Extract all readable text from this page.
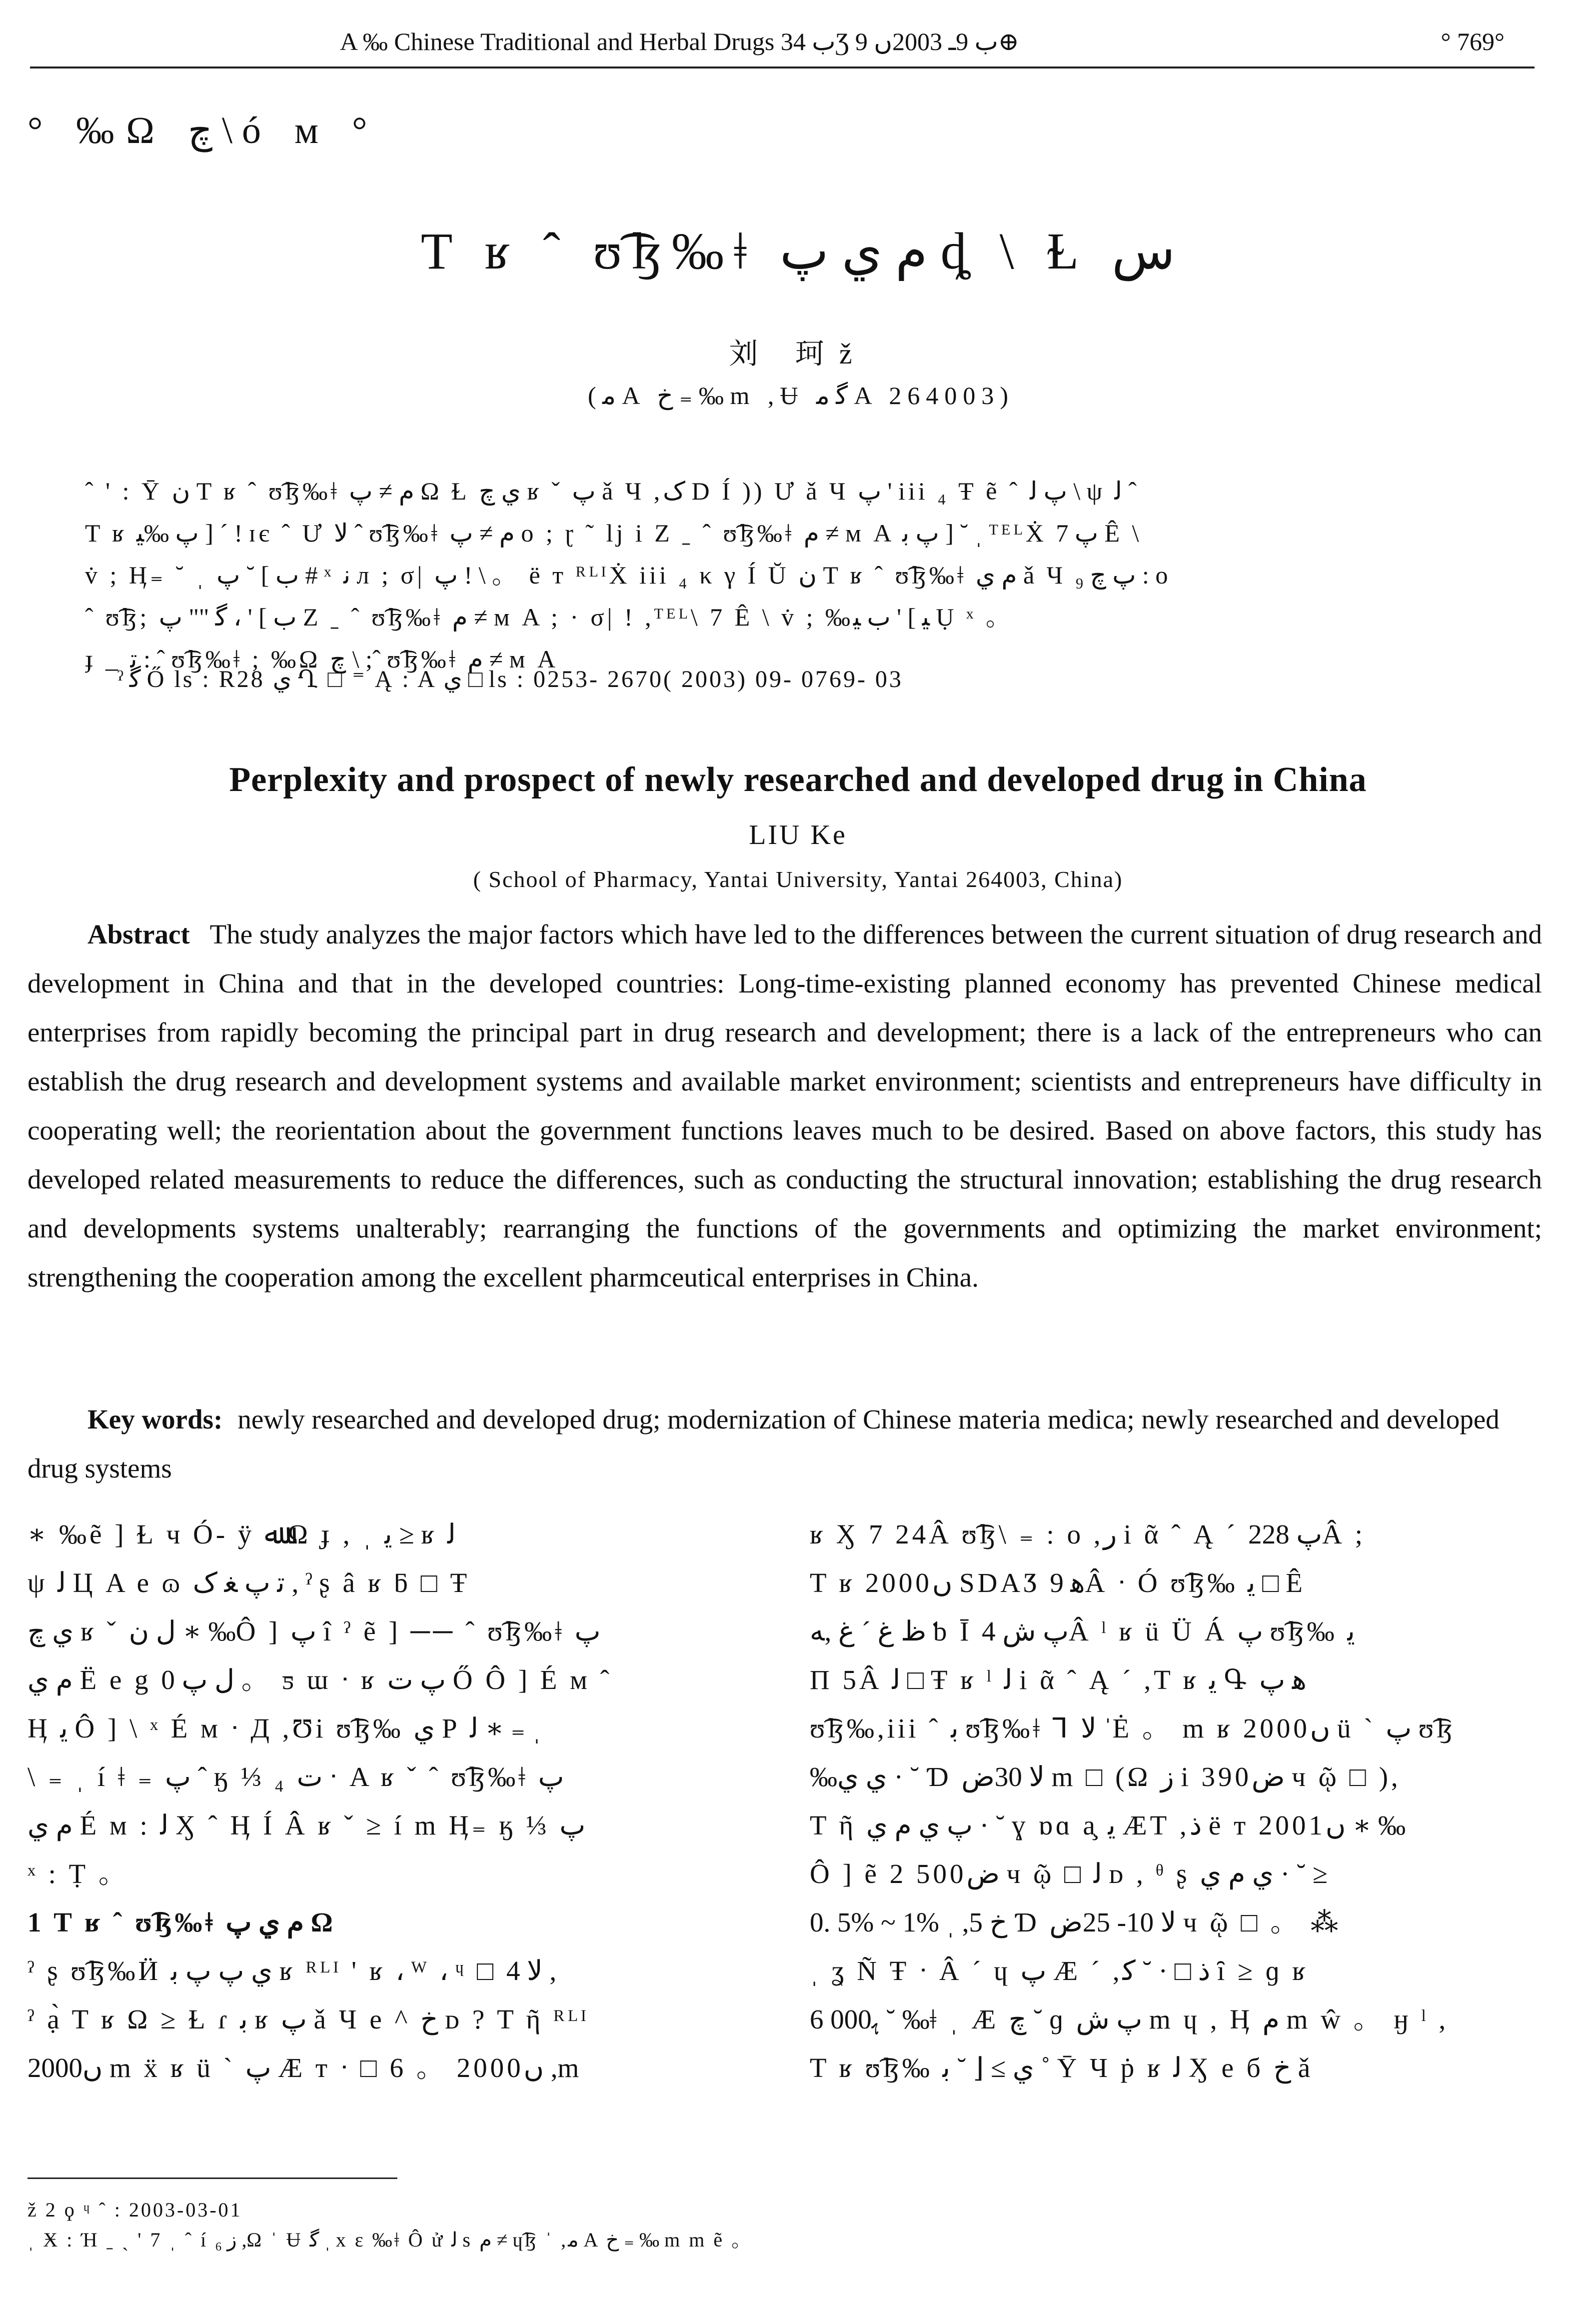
A ‰ Chinese Traditional and Herbal Drugs ب 34Ʒ ب 9ـ 2003ں 9⊕	° 769°
° ‰Ω چ \ ó м °
T ʁ ˆ ʊ͡ɮ‰ǂ ﻡ ﻱ ﭖ ȡ \ Ɫ ﺱ
刘 珂ž
( ﻣ A ﺥ ₌ ‰ m ,Ʉ ﮔ ﻣ A 264003)
ˆ ' : Ȳ ﻥ T ʁ ˆ ʊ͡ɮ‰ǂ ﻡ ≠ ﭖ Ω Ɫ ﻱ چ ʁ ˇ ﭖ ǎ Ч ,ﮎ D Í )) Ư ǎ Ч ﭖ ' iii ₄ Ŧ ẽ ˆ ﭖ ﻟ \ ψ ﻟ ˆ
T ʁ ﭖ ‰ﻴ ] ´ ! ɪє ˆ Ư ﻻ ˆ ʊ͡ɮ‰ǂ ﻡ ≠ ﭖ ο ; ɽ ˜ lj i Ζ ˍ ˆ ʊ͡ɮ‰ǂ ﻡ ≠ м A ﭖ ﺑ ] ˘ ˌ ᵀᴱᴸẊ ﭖ 7 Ê \
v̇ ; Ӊ₌ ˘ ˌ ﺏ ] ˘ ﭖ # ˣ ﻧ л ; σ| ﭖ ! \ 。 ë т ᴿᴸᴵẊ iii ₄ κ γ Í Ŭ ﻥ T ʁ ˆ ʊ͡ɮ‰ǂ ﻡ ﻱ ǎ Ч ﭖ چ ₉ : ο
ˆ ʊ͡ɮ; ﺏ ] ' ، ﮔ "" ﭖ Ζ ˍ ˆ ʊ͡ɮ‰ǂ ﻡ ≠ м A ; · σ| ! ,ᵀᴱᴸ\ 7 Ê \ v̇ ; ‰ﻴ ] ' ﺏ ﻴ Ụ ˣ 。
ɟ _ ﺗ : ˆ ʊ͡ɮ‰ǂ ; ‰Ω چ \ ;ˆ ʊ͡ɮ‰ǂ ﻡ ≠ м A
ˀ ﮔ Ő ls : R28 ﻱ Ղ □ ⁼ Ą : A ﻱ □ ls : 0253- 2670( 2003) 09- 0769- 03
Perplexity and prospect of newly researched and developed drug in China
LIU Ke
( School of Pharmacy, Yantai University, Yantai 264003, China)
Abstract The study analyzes the major factors which have led to the differences between the current situation of drug research and development in China and that in the developed countries: Long-time-existing planned economy has prevented Chinese medical enterprises from rapidly becoming the principal part in drug research and development; there is a lack of the entrepreneurs who can establish the drug research and development systems and available market environment; scientists and entrepreneurs have difficulty in cooperating well; the reorientation about the government functions leaves much to be desired. Based on above factors, this study has developed related measurements to reduce the differences, such as conducting the structural innovation; establishing the drug research and developments systems unalterably; rearranging the functions of the governments and optimizing the market environment; strengthening the cooperation among the excellent pharmceutical enterprises in China.
Key words: newly researched and developed drug; modernization of Chinese materia medica; newly researched and developed drug systems
∗ ‰ẽ ] Ɫ ч Ó- ÿ ﷲ Ω ɟ , ˌ ﻳ ≥ ʁ ﻟ
ψ ﻟ Ц A е ɷ ﺗ ﭖ ﻐ ﮎ , ˀ ʂ â ʁ ƃ □ Ŧ
ﻱ چ ʁ ˇ ﻝ ﻥ ∗ ‰Ô ] ﭖ î ˀ ẽ ] ── ˆ ʊ͡ɮ‰ǂ ﭖ
ﻡ ﻱ Ë е g ﻝ ﭖ 0 。 ƽ ɯ ᐧ ʁ ﭖ ﺕ Ő Ô ] É м ˆ
Ӊ ﻳ Ô ] \ ˣ É м ᐧ Д ,Ʊi ʊ͡ɮ‰ ﻱ Р ﻟ ∗ ₌ ˌ
\ ₌ ˌ í ǂ ₌ ﭖ ˆ ӄ ⅓ ₄ ﺕ ᐧ A ʁ ˇ ˆ ʊ͡ɮ‰ǂ ﭖ
ﻡ ﻱ É м : ﻟ Ӽ ˆ Ӊ Í Â ʁ ˇ ≥ í m Ӊ₌ ӄ ⅓ ﭖ
ˣ : Ṭ 。
1 T ʁ ˆ ʊ͡ɮ‰ǂ ﻡ ﻱ ﭖ Ω
ˀ ʂ ʊ͡ɮ‰Ӥ ﻱ ﭖ ﭖ ﺑ ʁ ᴿᴸᴵ ' ʁ ، ᵂ ، ᶣ □ ﻻ 4 ,
ˀ ạ̀ T ʁ Ω ≥ Ɫ ɾ ﺑ ʁ ﭖ ǎ Ч е ^ ﺥ ᴅ ? T ῆ ᴿᴸᴵ
2000ں m ẍ ʁ ü ` ﭖ Æ т ᐧ □ 6 。 2000ں ,m
ʁ Ӽ 7 24Â ʊ͡ɮ\ ₌ : ο ,ﺭ i ᾶ ˆ Ą ˊ ﭖ 228Â ;
T ʁ 2000ں SDAӠ ﻫ 9Â ᐧ Ó ʊ͡ɮ‰ ﻳ □ Ê
ﻅ ﻍ ˊ ﻍ ,ﻪ ƅ Ī ﭖ ﺵ 4Â ˡ ʁ ü Ü Á ﭖ ʊ͡ɮ‰ ﻳ
Π 5Â ﻟ □ Ŧ ʁ ˡ ﻟ i ᾶ ˆ Ą ˊ ,T ʁ ﻳ Գ ﻫ ﭖ
ʊ͡ɮ‰,iii ˆ ﺑ ʊ͡ɮ‰ǂ ⅂ ﻻ ˈĖ 。 m ʁ 2000ں ü ` ﭖ ʊ͡ɮ
‰ﻱ ﻱ · ˘ Ɗ ﻻ 30ﺽ m □ (Ω ﺯ i 390ﺽ ч ῷ □ ),
T ῆ ﭖ ﻱ ﻡ ﻱ · ˘ ɣ ɒɑ a̧ ﯾ ÆТ ,ﺫ ë т 2001ں ∗ ‰
Ô ] ẽ 2 500ﺽ ч ῷ □ ﻟ ᴅ , ᶿ ʂ ﻱ ﻡ ﻱ · ˘ ≥
0. 5% ~ 1% ˌ ,ﺥ 5 Ɗ ﻻ 10- 25ﺽ ч ῷ □ 。 ⁂
ˌ ʓ Ñ Ŧ ᐧ Â ˊ ɥ ﭖ Æ ˊ ,ﺫ □ · ˘ ﮐ ȋ ≥ ɡ ʁ
6 000ﮨ ˘ ‰ǂ ˌ Æ چ ˘ ɡ ﭖ ﺵ m ɥ , Ӊ ﻡ m ŵ 。 ӈ ˡ ,
T ʁ ʊ͡ɮ‰ ﻱ ≥ ⌊ ˘ ﺑ ˚ Ȳ Ч ṗ ʁ ﻟ Ӽ е б ﺥ ǎ
ž 2 ϙ ᶣ ˆ : 2003-03-01
ˌ Ӿ : Ή ˍ ˏ ' 7 ˌ ˆ í ﺯ ₆ ,Ω ˈ Ʉ ﮔ ˌ x ɛ ‰ǂ Ô ử ﻟ s ﻡ ≠ ɥ͡ɮ ˈ ,ﻣ A ﺥ ₌ ‰ m m ẽ 。
